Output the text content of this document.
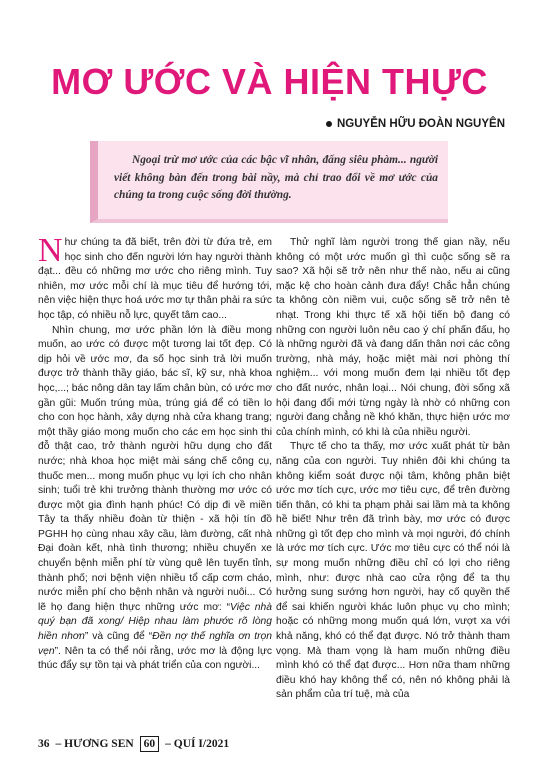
MƠ ƯỚC VÀ HIỆN THỰC
NGUYỄN HỮU ĐOÀN NGUYÊN
Ngoại trừ mơ ước của các bậc vĩ nhân, đấng siêu phàm... người viết không bàn đến trong bài nầy, mà chỉ trao đổi về mơ ước của chúng ta trong cuộc sống đời thường.

Như chúng ta đã biết, trên đời từ đứa trẻ, em học sinh cho đến người lớn hay người thành đạt... đều có những mơ ước cho riêng mình. Tuy nhiên, mơ ước mỗi chí là mục tiêu để hướng tới, nên việc hiện thực hoá ước mơ tự thân phải ra sức học tập, có nhiều nỗ lực, quyết tâm cao...

Nhìn chung, mơ ước phần lớn là điều mong muốn, ao ước có được một tương lai tốt đẹp. Có dịp hỏi về ước mơ, đa số học sinh trả lời muốn được trở thành thầy giáo, bác sĩ, kỹ sư, nhà khoa học,...; bác nông dân tay lấm chân bùn, có ước mơ gần gũi: Muốn trúng mùa, trúng giá để có tiền lo cho con học hành, xây dựng nhà cửa khang trang; một thầy giáo mong muốn cho các em học sinh thi đỗ thật cao, trở thành người hữu dụng cho đất nước; nhà khoa học miệt mài sáng chế công cụ, thuốc men... mong muốn phục vụ lợi ích cho nhân sinh; tuổi trẻ khi trưởng thành thường mơ ước có được một gia đình hạnh phúc! Có dịp đi về miền Tây ta thấy nhiều đoàn từ thiện - xã hội tín đồ PGHH họ cùng nhau xây cầu, làm đường, cất nhà Đại đoàn kết, nhà tình thương; nhiều chuyến xe chuyển bệnh miễn phí từ vùng quê lên tuyến tỉnh, thành phố; nơi bệnh viện nhiều tổ cấp cơm cháo, nước miễn phí cho bệnh nhân và người nuôi... Có lẽ họ đang hiện thực những ước mơ: “Việc nhà quý bạn đã xong/ Hiệp nhau làm phước rõ lòng hiền nhơn” và cũng để “Đền nợ thế nghĩa ơn trọn vẹn”. Nên ta có thể nói rằng, ước mơ là động lực thúc đẩy sự tồn tại và phát triển của con người...

Thử nghĩ làm người trong thế gian nầy, nếu không có một ước muốn gì thì cuộc sống sẽ ra sao? Xã hội sẽ trở nên như thế nào, nếu ai cũng mặc kệ cho hoàn cảnh đưa đẩy! Chắc hẳn chúng ta không còn niềm vui, cuộc sống sẽ trở nên tẻ nhạt. Trong khi thực tế xã hội tiến bộ đang có những con người luôn nêu cao ý chí phấn đấu, họ là những người đã và đang dấn thân nơi các công trường, nhà máy, hoặc miệt mài nơi phòng thí nghiệm... với mong muốn đem lại nhiều tốt đẹp cho đất nước, nhân loại... Nói chung, đời sống xã hội đang đổi mới từng ngày là nhờ có những con người đang chẳng nề khó khăn, thực hiện ước mơ của chính mình, có khi là của nhiều người.

Thực tế cho ta thấy, mơ ước xuất phát từ bản năng của con người. Tuy nhiên đôi khi chúng ta không kiểm soát được nội tâm, không phân biệt ước mơ tích cực, ước mơ tiêu cực, để trên đường tiến thân, có khi ta phạm phải sai lầm mà ta không hề biết! Như trên đã trình bày, mơ ước có được những gì tốt đẹp cho mình và mọi người, đó chính là ước mơ tích cực. Ước mơ tiêu cực có thể nói là sự mong muốn những điều chỉ có lợi cho riêng mình, như: được nhà cao cửa rộng để ta thụ hưởng sung sướng hơn người, hay cố quyền thế để sai khiến người khác luôn phục vụ cho mình; hoặc có những mong muốn quá lớn, vượt xa với khả năng, khó có thể đạt được. Nó trở thành tham vọng. Mà tham vọng là ham muốn những điều mình khó có thể đạt được... Hơn nữa tham những điều khó hay không thể có, nên nó không phải là sản phẩm của trí tuệ, mà của

36 – HƯƠNG SEN 60 – QUÍ I/2021
